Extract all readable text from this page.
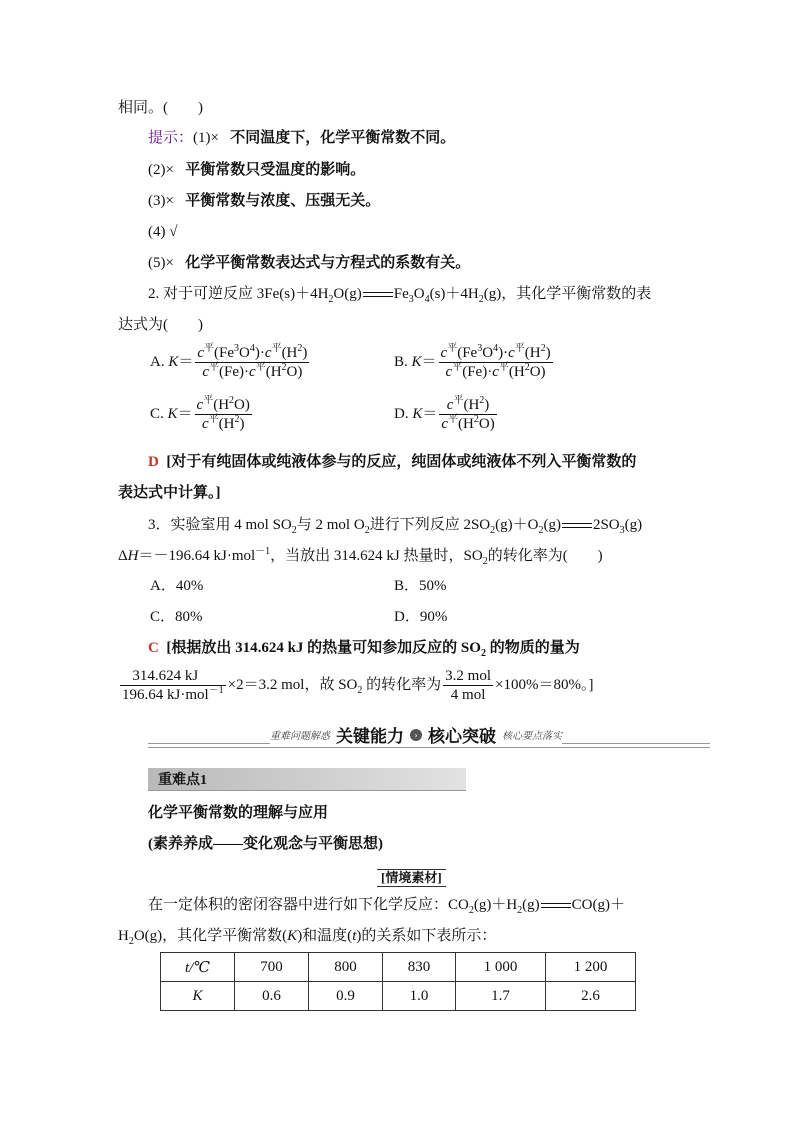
相同。(　　)
提示：(1)× 不同温度下，化学平衡常数不同。
(2)× 平衡常数只受温度的影响。
(3)× 平衡常数与浓度、压强无关。
(4) √
(5)× 化学平衡常数表达式与方程式的系数有关。
2. 对于可逆反应 $3Fe(s)+4H_2O(g)$ $Fe_3O_4(s)+4H_2(g)$，其化学平衡常数的表
达式为(　　)
A. $K= \frac{c^平(Fe^3O^4)\cdot c^平(H^2)}{c^平(Fe)\cdot c^平(H^2O)}$	B. $K= \frac{c^平(Fe^3O^4)\cdot c^平(H^2)}{c^平(Fe)\cdot c^平(H^2O)}$
C. $K= \frac{c^平(H^2O)}{c^平(H^2)}$	D. $K= \frac{c^平(H^2)}{c^平(H^2O)}$
D [对于有纯固体或纯液体参与的反应，纯固体或纯液体不列入平衡常数的
表达式中计算。]
3．实验室用 4 mol $SO_2$与 2 mol $O_2$进行下列反应 $2SO_2(g)+O_2(g)$ $2SO_3(g)$
ΔH＝－196.64 kJ·mol$^{-1}$，当放出 314.624 kJ 热量时，$SO_2$的转化率为(　　)
A．40%	B．50%
C．80%	D．90%
C  [根据放出 314.624 kJ 的热量可知参加反应的 $SO_2$ 的物质的量为
$\frac{314.624 kJ}{196.64 kJ\cdot mol^{-1}} \times 2=3.2$ mol，故 $SO_2$ 的转化率为 $\frac{\text{3.2 mol}}{\text{4 mol}} \times 100\%=80\%$。]
重难问题解惑 关键能力	› 核心突破 核心要点落实
重难点1
化学平衡常数的理解与应用
(素养养成——变化观念与平衡思想)
[情境素材]
在一定体积的密闭容器中进行如下化学反应：$CO_2(g)+H_2(g)$ CO(g)＋
$H_2O(g)$，其化学平衡常数(K)和温度(t)的关系如下表所示：
t/℃	700	800	830	1 000	1 200
K	0.6	0.9	1.0	1.7	2.6
